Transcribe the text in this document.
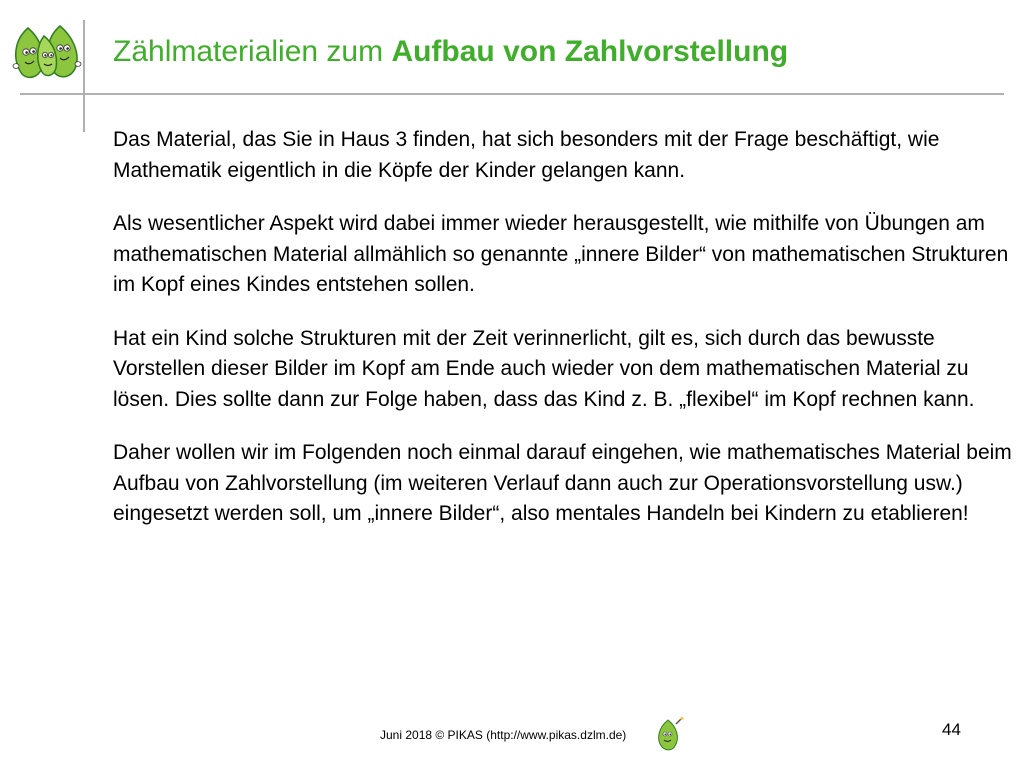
Zählmaterialien zum Aufbau von Zahlvorstellung

Das Material, das Sie in Haus 3 finden, hat sich besonders mit der Frage beschäftigt, wie Mathematik eigentlich in die Köpfe der Kinder gelangen kann.

Als wesentlicher Aspekt wird dabei immer wieder herausgestellt, wie mithilfe von Übungen am mathematischen Material allmählich so genannte „innere Bilder“ von mathematischen Strukturen im Kopf eines Kindes entstehen sollen.

Hat ein Kind solche Strukturen mit der Zeit verinnerlicht, gilt es, sich durch das bewusste Vorstellen dieser Bilder im Kopf am Ende auch wieder von dem mathematischen Material zu lösen. Dies sollte dann zur Folge haben, dass das Kind z. B. „flexibel“ im Kopf rechnen kann.

Daher wollen wir im Folgenden noch einmal darauf eingehen, wie mathematisches Material beim Aufbau von Zahlvorstellung (im weiteren Verlauf dann auch zur Operationsvorstellung usw.) eingesetzt werden soll, um „innere Bilder“, also mentales Handeln bei Kindern zu etablieren!

Juni 2018 © PIKAS (http://www.pikas.dzlm.de)	44
